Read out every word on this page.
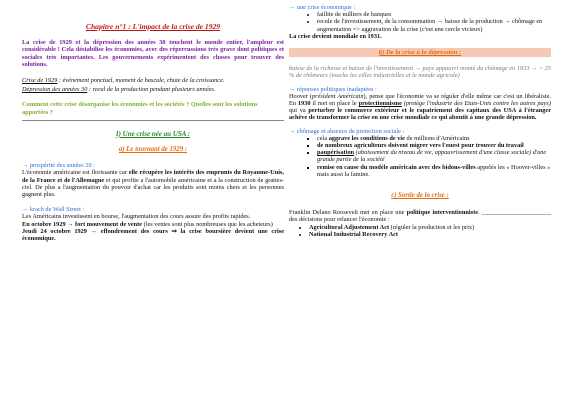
Chapitre n°1 : L'impact de la crise de 1929
La crise de 1929 et la dépression des années 30 touchent le monde entier, l'ampleur est considérable ! Cela déstabilise les économies, avec des répercussions très grave dont politiques et sociales très importantes. Les gouvernements expérimentent des choses pour trouver des solutions.
Crise de 1929 : événement ponctuel, moment de bascule, chute de la croissance.
Dépression des années 30 : recul de la production pendant plusieurs années.
Comment cette crise désorganise les économies et les sociétés ? Quelles sont les solutions apportées ?
I) Une crise née au USA :
a) Le tournant de 1929 :
→ prospérité des années 20 :
L'économie américaine est florissante car elle récupère les intérêts des emprunts du Royaume-Unis, de la France et de l'Allemagne et qui profite a l'automobile américaine et a la construction de grattes-ciel. De plus a l'augmentation du pouvoir d'achat car les produits sont moins chers et les personnes gagnent plus.
→ krach de Wall Street :
Les Américains investissent en bourse, l'augmentation des cours assure des profits rapides.
En octobre 1929 → fort mouvement de vente (les ventes sont plus nombreuses que les acheteurs)
Jeudi 24 octobre 1929 → effondrement des cours ⇒ la crise boursière devient une crise économique.
→ une crise économique :
• faillite de milliers de banques
• recule de l'investissement, de la consommation → baisse de la production → chômage en augmentation => aggravation de la crise (c'est une cercle vicieux)
La crise devient mondiale en 1931.
b) De la crise à la dépression :
baisse de la richesse et baisse de l'investissement → pays appauvri monté du chômage en 1933 → > 25 % de chômeurs (touche les villes industrielles et le monde agricole)
→ réponses politiques inadaptées :
Hoover (président Américain), pense que l'économie va se réguler d'elle même car c'est un libéraliste. En 1930 il met en place le protectionnisme (protège l'industrie des Etats-Unis contre les autres pays) qui va perturber le commerce extérieur et le rapatriement des capitaux des USA à l'étranger achève de transformer la crise en une crise mondiale ce qui aboutit à une grande dépression.
→ chômage et absence de protection sociale :
▪ cela aggrave les conditions de vie de millions d'Américains
▪ de nombreux agriculteurs doivent migrer vers l'ouest pour trouver du travail
▪ paupérisation (abaissement du niveau de vie, appauvrissement d'une classe sociale) d'une grande partie de la société
▪ remise en cause du modèle américain avec des bidons-villes appelés les « Hoover-villes » mais aussi la famine.
c) Sortie de la crise :
Franklin Delano Roosevelt met en place une politique interventionniste. ______________________ des décisions pour relancer l'économie :
• Agricultural Adjustement Act (réguler la production et les prix)
• National Industrial Recovery Act
